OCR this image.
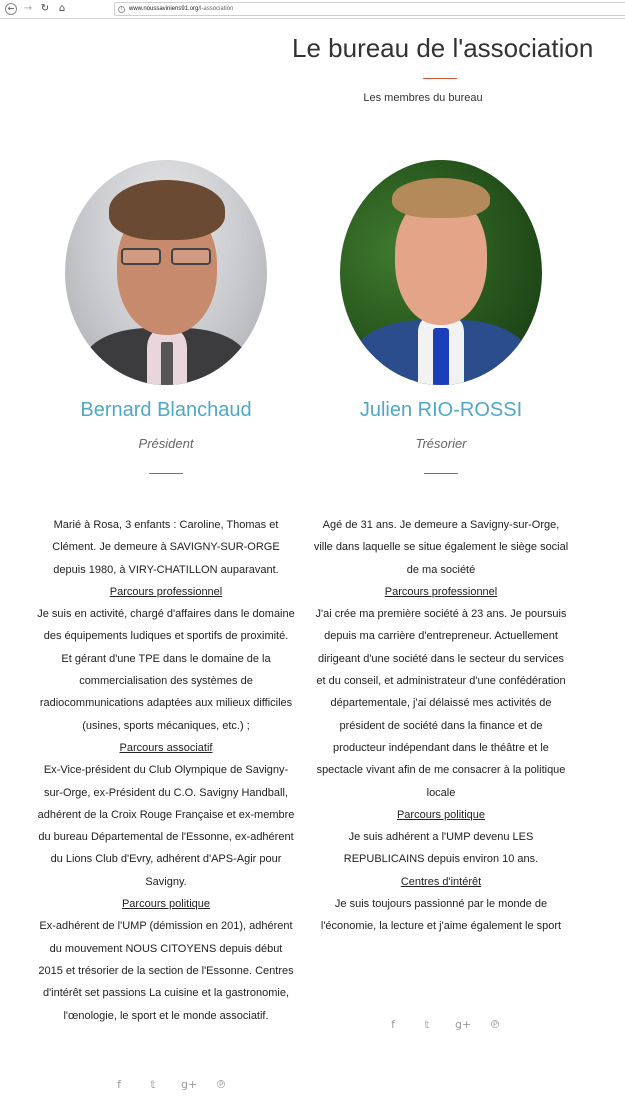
← → ↻ ⌂	i	www.noussaviniens91.org /l-association
Le bureau de l'association
Les membres du bureau
Bernard Blanchaud
Président
Julien RIO-ROSSI
Trésorier

Marié à Rosa, 3 enfants : Caroline, Thomas et Clément. Je demeure à SAVIGNY-SUR-ORGE depuis 1980, à VIRY-CHATILLON auparavant.

Parcours professionnel

Je suis en activité, chargé d'affaires dans le domaine des équipements ludiques et sportifs de proximité. Et gérant d'une TPE dans le domaine de la commercialisation des systèmes de radiocommunications adaptées aux milieux difficiles (usines, sports mécaniques, etc.) ;

Parcours associatif

Ex-Vice-président du Club Olympique de Savigny-sur-Orge, ex-Président du C.O. Savigny Handball, adhérent de la Croix Rouge Française et ex-membre du bureau Départemental de l'Essonne, ex-adhérent du Lions Club d'Evry, adhérent d'APS-Agir pour Savigny.

Parcours politique

Ex-adhérent de l'UMP (démission en 201), adhérent du mouvement NOUS CITOYENS depuis début 2015 et trésorier de la section de l'Essonne. Centres d'intérêt set passions La cuisine et la gastronomie, l'œnologie, le sport et le monde associatif.

Agé de 31 ans. Je demeure a Savigny-sur-Orge, ville dans laquelle se situe également le siège social de ma société

Parcours professionnel

J'ai crée ma première société à 23 ans. Je poursuis depuis ma carrière d'entrepreneur. Actuellement dirigeant d'une société dans le secteur du services et du conseil, et administrateur d'une confédération départementale, j'ai délaissé mes activités de président de société dans la finance et de producteur indépendant dans le théâtre et le spectacle vivant afin de me consacrer à la politique locale

Parcours politique

Je suis adhérent a l'UMP devenu LES REPUBLICAINS depuis environ 10 ans.

Centres d'intérêt

Je suis toujours passionné par le monde de l'économie, la lecture et j'aime également le sport

f	𝕥	g+ ℗
f	𝕥	g+ ℗
